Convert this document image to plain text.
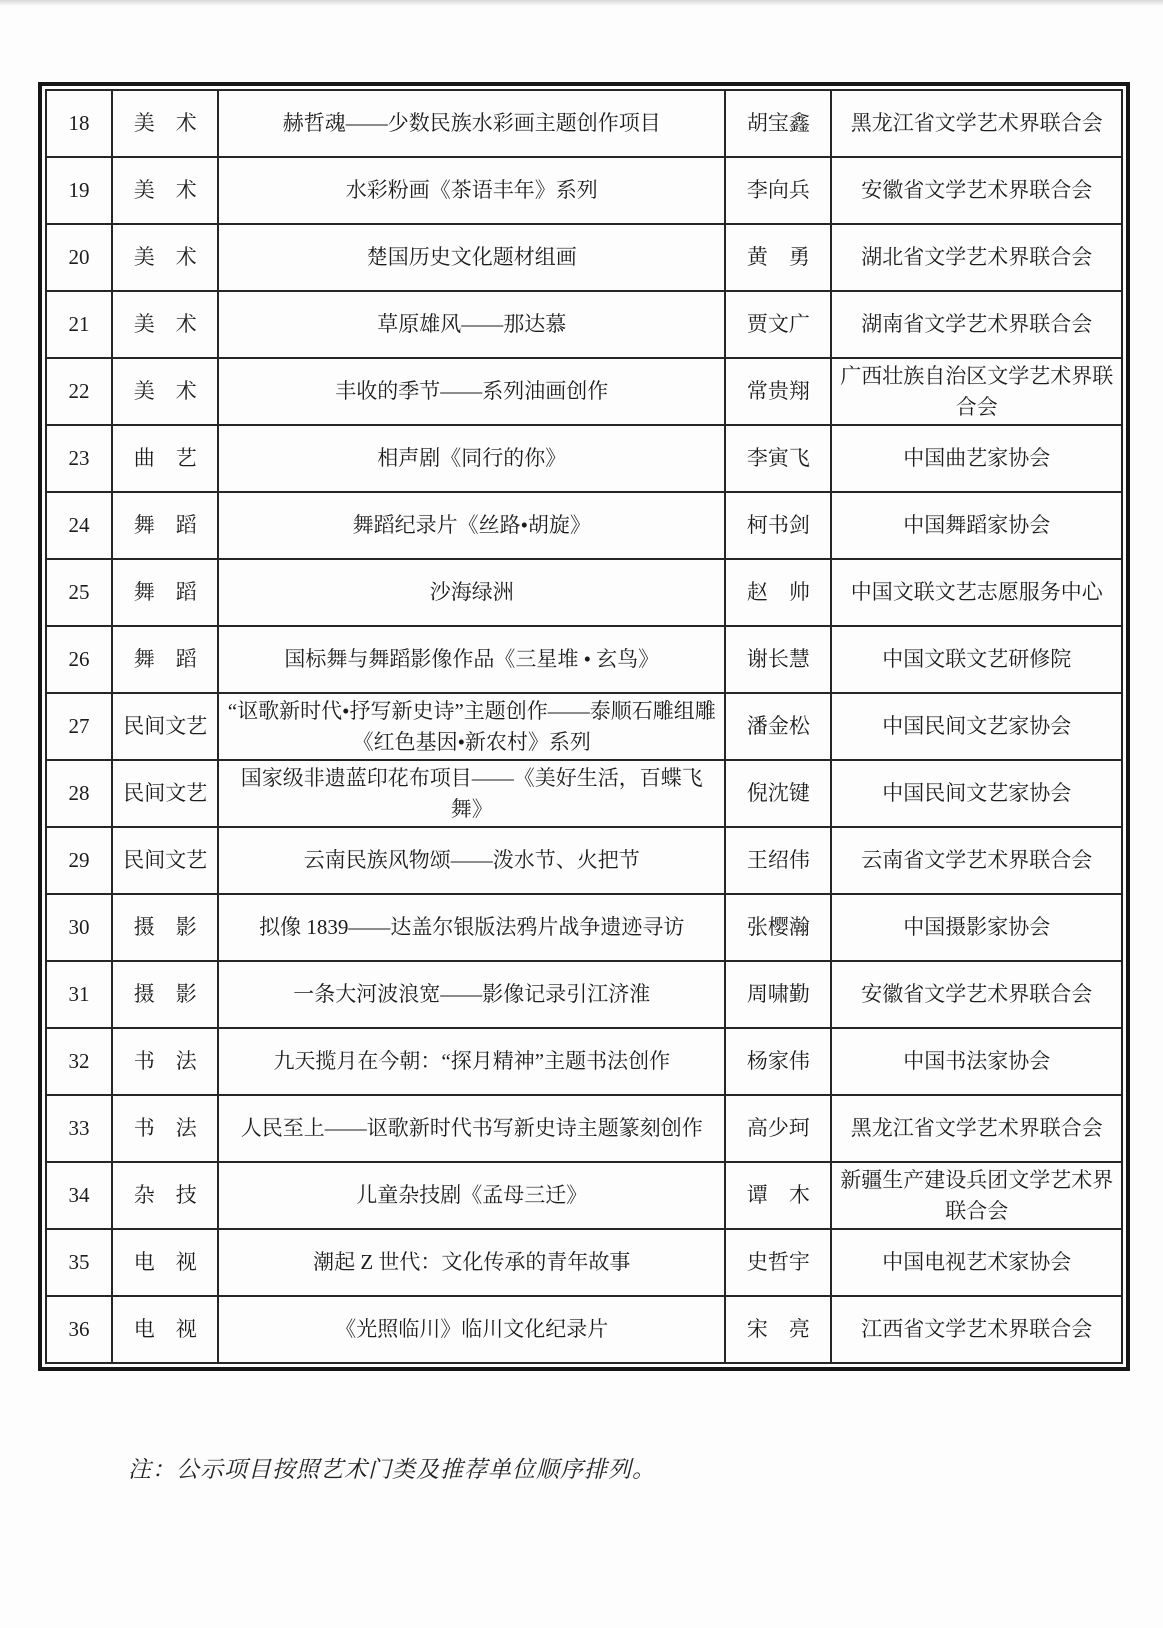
18	美　术	赫哲魂——少数民族水彩画主题创作项目	胡宝鑫	黑龙江省文学艺术界联合会
19	美　术	水彩粉画《茶语丰年》系列	李向兵	安徽省文学艺术界联合会
20	美　术	楚国历史文化题材组画	黄　勇	湖北省文学艺术界联合会
21	美　术	草原雄风——那达慕	贾文广	湖南省文学艺术界联合会
22	美　术	丰收的季节——系列油画创作	常贵翔	广西壮族自治区文学艺术界联合会
23	曲　艺	相声剧《同行的你》	李寅飞	中国曲艺家协会
24	舞　蹈	舞蹈纪录片《丝路•胡旋》	柯书剑	中国舞蹈家协会
25	舞　蹈	沙海绿洲	赵　帅	中国文联文艺志愿服务中心
26	舞　蹈	国标舞与舞蹈影像作品《三星堆 • 玄鸟》	谢长慧	中国文联文艺研修院
27	民间文艺	“讴歌新时代•抒写新史诗”主题创作——泰顺石雕组雕《红色基因•新农村》系列	潘金松	中国民间文艺家协会
28	民间文艺	国家级非遗蓝印花布项目——《美好生活，百蝶飞舞》	倪沈键	中国民间文艺家协会
29	民间文艺	云南民族风物颂——泼水节、火把节	王绍伟	云南省文学艺术界联合会
30	摄　影	拟像 1839——达盖尔银版法鸦片战争遗迹寻访	张樱瀚	中国摄影家协会
31	摄　影	一条大河波浪宽——影像记录引江济淮	周啸勤	安徽省文学艺术界联合会
32	书　法	九天揽月在今朝：“探月精神”主题书法创作	杨家伟	中国书法家协会
33	书　法	人民至上——讴歌新时代书写新史诗主题篆刻创作	高少珂	黑龙江省文学艺术界联合会
34	杂　技	儿童杂技剧《孟母三迁》	谭　木	新疆生产建设兵团文学艺术界联合会
35	电　视	潮起 Z 世代：文化传承的青年故事	史哲宇	中国电视艺术家协会
36	电　视	《光照临川》临川文化纪录片	宋　亮	江西省文学艺术界联合会

注：公示项目按照艺术门类及推荐单位顺序排列。
